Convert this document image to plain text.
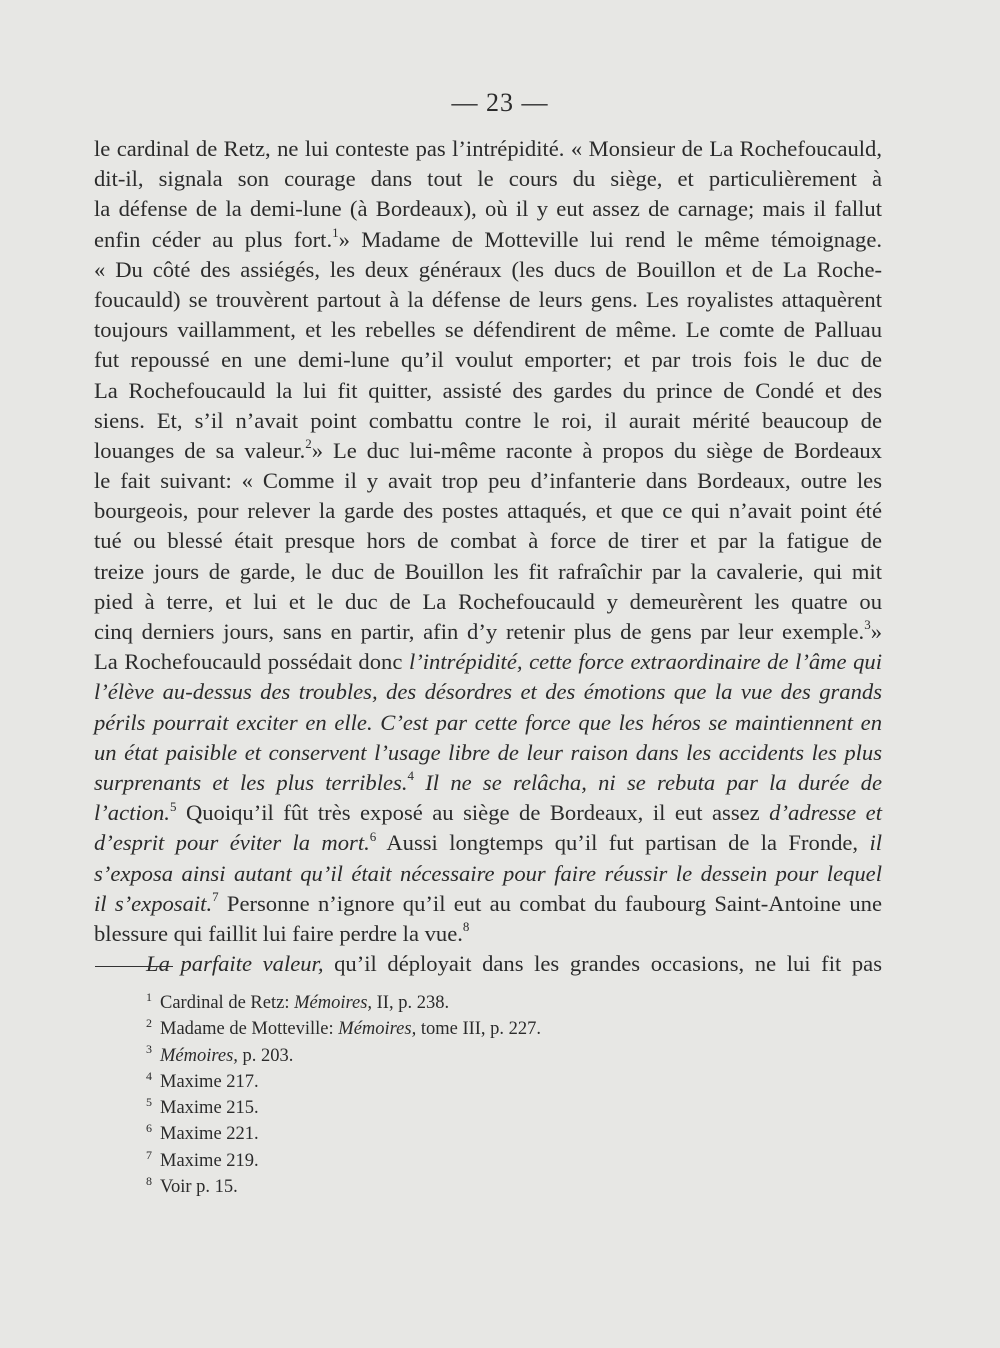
— 23 —
le cardinal de Retz, ne lui conteste pas l’intrépidité. « Monsieur de La Rochefoucauld,
dit-il, signala son courage dans tout le cours du siège, et particulièrement à
la défense de la demi-lune (à Bordeaux), où il y eut assez de carnage; mais il fallut
enfin céder au plus fort.$^1$» Madame de Motteville lui rend le même témoignage.
« Du côté des assiégés, les deux généraux (les ducs de Bouillon et de La Roche-
foucauld) se trouvèrent partout à la défense de leurs gens. Les royalistes attaquèrent
toujours vaillamment, et les rebelles se défendirent de même. Le comte de Palluau
fut repoussé en une demi-lune qu’il voulut emporter; et par trois fois le duc de
La Rochefoucauld la lui fit quitter, assisté des gardes du prince de Condé et des
siens. Et, s’il n’avait point combattu contre le roi, il aurait mérité beaucoup de
louanges de sa valeur.$^2$» Le duc lui-même raconte à propos du siège de Bordeaux
le fait suivant: « Comme il y avait trop peu d’infanterie dans Bordeaux, outre les
bourgeois, pour relever la garde des postes attaqués, et que ce qui n’avait point été
tué ou blessé était presque hors de combat à force de tirer et par la fatigue de
treize jours de garde, le duc de Bouillon les fit rafraîchir par la cavalerie, qui mit
pied à terre, et lui et le duc de La Rochefoucauld y demeurèrent les quatre ou
cinq derniers jours, sans en partir, afin d’y retenir plus de gens par leur exemple.$^3$»
La Rochefoucauld possédait donc l’intrépidité, cette force extraordinaire de l’âme qui
l’élève au-dessus des troubles, des désordres et des émotions que la vue des grands
périls pourrait exciter en elle. C’est par cette force que les héros se maintiennent en
un état paisible et conservent l’usage libre de leur raison dans les accidents les plus
surprenants et les plus terribles.$^4$ Il ne se relâcha, ni se rebuta par la durée de
l’action.$^5$ Quoiqu’il fût très exposé au siège de Bordeaux, il eut assez d’adresse et
d’esprit pour éviter la mort.$^6$ Aussi longtemps qu’il fut partisan de la Fronde, il
s’exposa ainsi autant qu’il était nécessaire pour faire réussir le dessein pour lequel
il s’exposait.$^7$ Personne n’ignore qu’il eut au combat du faubourg Saint-Antoine une
blessure qui faillit lui faire perdre la vue.$^8$
La parfaite valeur, qu’il déployait dans les grandes occasions, ne lui fit pas
1 Cardinal de Retz: Mémoires, II, p. 238.
2 Madame de Motteville: Mémoires, tome III, p. 227.
3 Mémoires, p. 203.
4 Maxime 217.
5 Maxime 215.
6 Maxime 221.
7 Maxime 219.
8 Voir p. 15.
